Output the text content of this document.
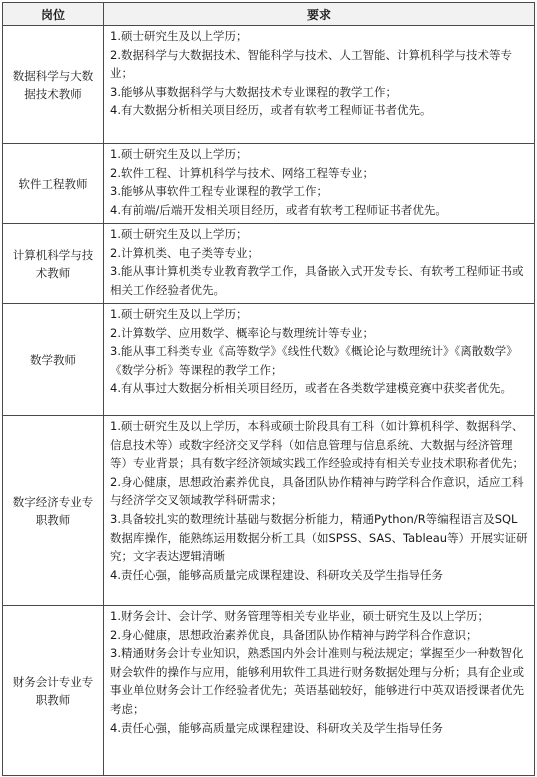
岗位	要求
数据科学与大数据技术教师	1.硕士研究生及以上学历；
2.数据科学与大数据技术、智能科学与技术、人工智能、计算机科学与技术等专业；
3.能够从事数据科学与大数据技术专业课程的教学工作；
4.有大数据分析相关项目经历，或者有软考工程师证书者优先。

软件工程教师	1.硕士研究生及以上学历；
2.软件工程、计算机科学与技术、网络工程等专业；
3.能够从事软件工程专业课程的教学工作；
4.有前端/后端开发相关项目经历，或者有软考工程师证书者优先。

计算机科学与技术教师	1.硕士研究生及以上学历；
2.计算机类、电子类等专业；
3.能从事计算机类专业教育教学工作，具备嵌入式开发专长、有软考工程师证书或相关工作经验者优先。

数学教师	1.硕士研究生及以上学历；
2.计算数学、应用数学、概率论与数理统计等专业；
3.能从事工科类专业《高等数学》《线性代数》《概论论与数理统计》《离散数学》《数学分析》等课程的教学工作；
4.有从事过大数据分析相关项目经历，或者在各类数学建模竞赛中获奖者优先。

数字经济专业专职教师	1.硕士研究生及以上学历，本科或硕士阶段具有工科（如计算机科学、数据科学、信息技术等）或数字经济交叉学科（如信息管理与信息系统、大数据与经济管理等）专业背景；具有数字经济领域实践工作经验或持有相关专业技术职称者优先；
2.身心健康，思想政治素养优良，具备团队协作精神与跨学科合作意识，适应工科与经济学交叉领域教学科研需求；
3.具备较扎实的数理统计基础与数据分析能力，精通Python/R等编程语言及SQL数据库操作，能熟练运用数据分析工具（如SPSS、SAS、Tableau等）开展实证研究；文字表达逻辑清晰
4.责任心强，能够高质量完成课程建设、科研攻关及学生指导任务

财务会计专业专职教师	1.财务会计、会计学、财务管理等相关专业毕业，硕士研究生及以上学历；
2.身心健康，思想政治素养优良，具备团队协作精神与跨学科合作意识；
3.精通财务会计专业知识，熟悉国内外会计准则与税法规定；掌握至少一种数智化财会软件的操作与应用，能够利用软件工具进行财务数据处理与分析；具有企业或事业单位财务会计工作经验者优先；英语基础较好，能够进行中英双语授课者优先考虑；
4.责任心强，能够高质量完成课程建设、科研攻关及学生指导任务
